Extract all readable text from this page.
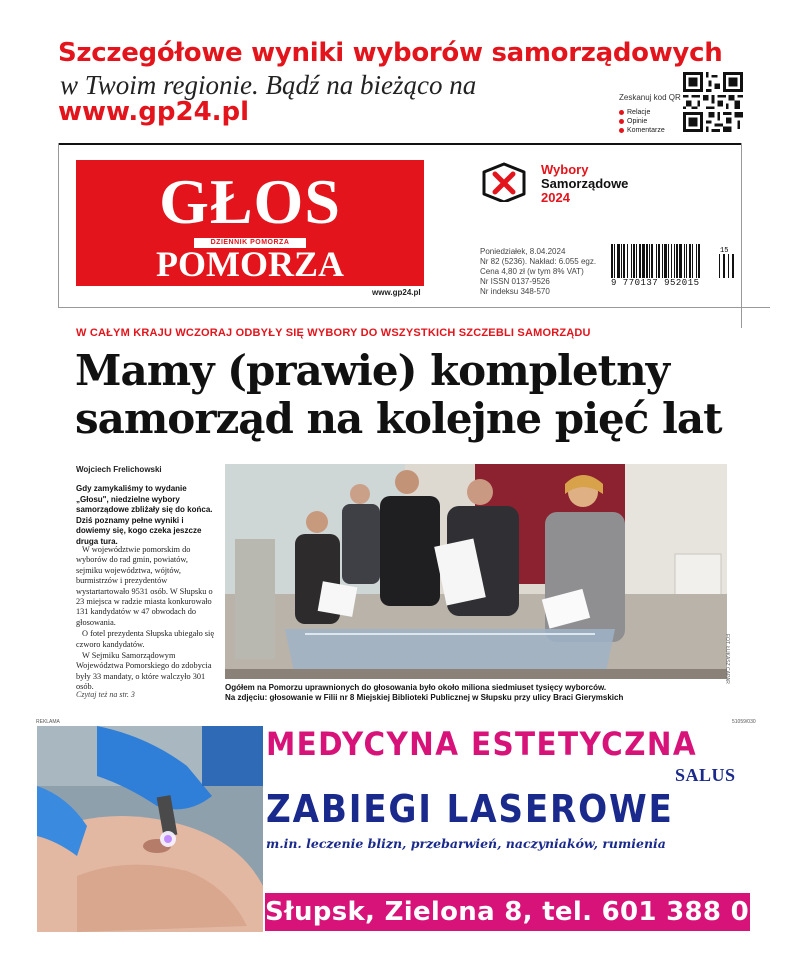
Szczegółowe wyniki wyborów samorządowych
w Twoim regionie. Bądź na bieżąco na
www.gp24.pl	Zeskanuj kod QR
Relacje
Opinie
Komentarze
GŁOS
DZIENNIK POMORZA
POMORZA
www.gp24.pl
Wybory
Samorządowe
2024
Poniedziałek, 8.04.2024
Nr 82 (5236). Nakład: 6.055 egz.
Cena 4,80 zł (w tym 8% VAT)
Nr ISSN 0137-9526
Nr indeksu 348-570
15
9 770137 952015
W CAŁYM KRAJU WCZORAJ ODBYŁY SIĘ WYBORY DO WSZYSTKICH SZCZEBLI SAMORZĄDU
Mamy (prawie) kompletny samorząd na kolejne pięć lat
Wojciech Frelichowski
Gdy zamykaliśmy to wydanie „Głosu", niedzielne wybory samorządowe zbliżały się do końca. Dziś poznamy pełne wyniki i dowiemy się, kogo czeka jeszcze druga tura.

W województwie pomorskim do wyborów do rad gmin, powiatów, sejmiku województwa, wójtów, burmistrzów i prezydentów wystartartowało 9531 osób. W Słupsku o 23 miejsca w radzie miasta konkurowało 131 kandydatów w 47 obwodach do głosowania.

O fotel prezydenta Słupska ubiegało się czworo kandydatów.

W Sejmiku Samorządowym Województwa Pomorskiego do zdobycia były 33 mandaty, o które walczyło 301 osób.

Czytaj też na str. 3
FOT. ŁUKASZ CAPAR
Ogółem na Pomorzu uprawnionych do głosowania było około miliona siedmiuset tysięcy wyborców.
Na zdjęciu: głosowanie w Filii nr 8 Miejskiej Biblioteki Publicznej w Słupsku przy ulicy Braci Gierymskich
REKLAMA	51059/030
MEDYCYNA ESTETYCZNA
SALUS
ZABIEGI LASEROWE
m.in. leczenie blizn, przebarwień, naczyniaków, rumienia
Słupsk, Zielona 8, tel. 601 388 076
